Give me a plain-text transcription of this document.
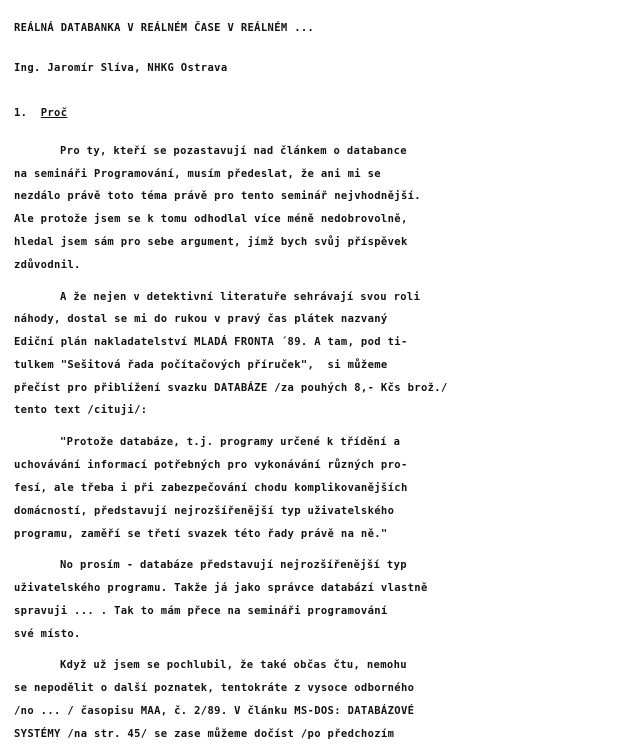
REÁLNÁ DATABANKA V REÁLNÉM ČASE V REÁLNÉM ...
Ing. Jaromír Slíva, NHKG Ostrava
1. Proč
Pro ty, kteří se pozastavují nad článkem o databance
na semináři Programování, musím předeslat, že ani mi se
nezdálo právě toto téma právě pro tento seminář nejvhodnější.
Ale protože jsem se k tomu odhodlal více méně nedobrovolně,
hledal jsem sám pro sebe argument, jímž bych svůj příspěvek
zdůvodnil.
A že nejen v detektivní literatuře sehrávají svou roli
náhody, dostal se mi do rukou v pravý čas plátek nazvaný
Ediční plán nakladatelství MLADÁ FRONTA ´89. A tam, pod ti-
tulkem "Sešitová řada počítačových příruček",  si můžeme
přečíst pro přiblížení svazku DATABÁZE /za pouhých 8,- Kčs brož./
tento text /cituji/:
"Protože databáze, t.j. programy určené k třídění a
uchovávání informací potřebných pro vykonávání různých pro-
fesí, ale třeba i při zabezpečování chodu komplikovanějších
domácností, představují nejrozšířenější typ uživatelského
programu, zaměří se třetí svazek této řady právě na ně."
No prosím - databáze představují nejrozšířenější typ
uživatelského programu. Takže já jako správce databází vlastně
spravuji ... . Tak to mám přece na semináři programování
své místo.
Když už jsem se pochlubil, že také občas čtu, nemohu
se nepodělit o další poznatek, tentokráte z vysoce odborného
/no ... / časopisu MAA, č. 2/89. V článku MS-DOS: DATABÁZOVÉ
SYSTÉMY /na str. 45/ se zase můžeme dočíst /po předchozím
